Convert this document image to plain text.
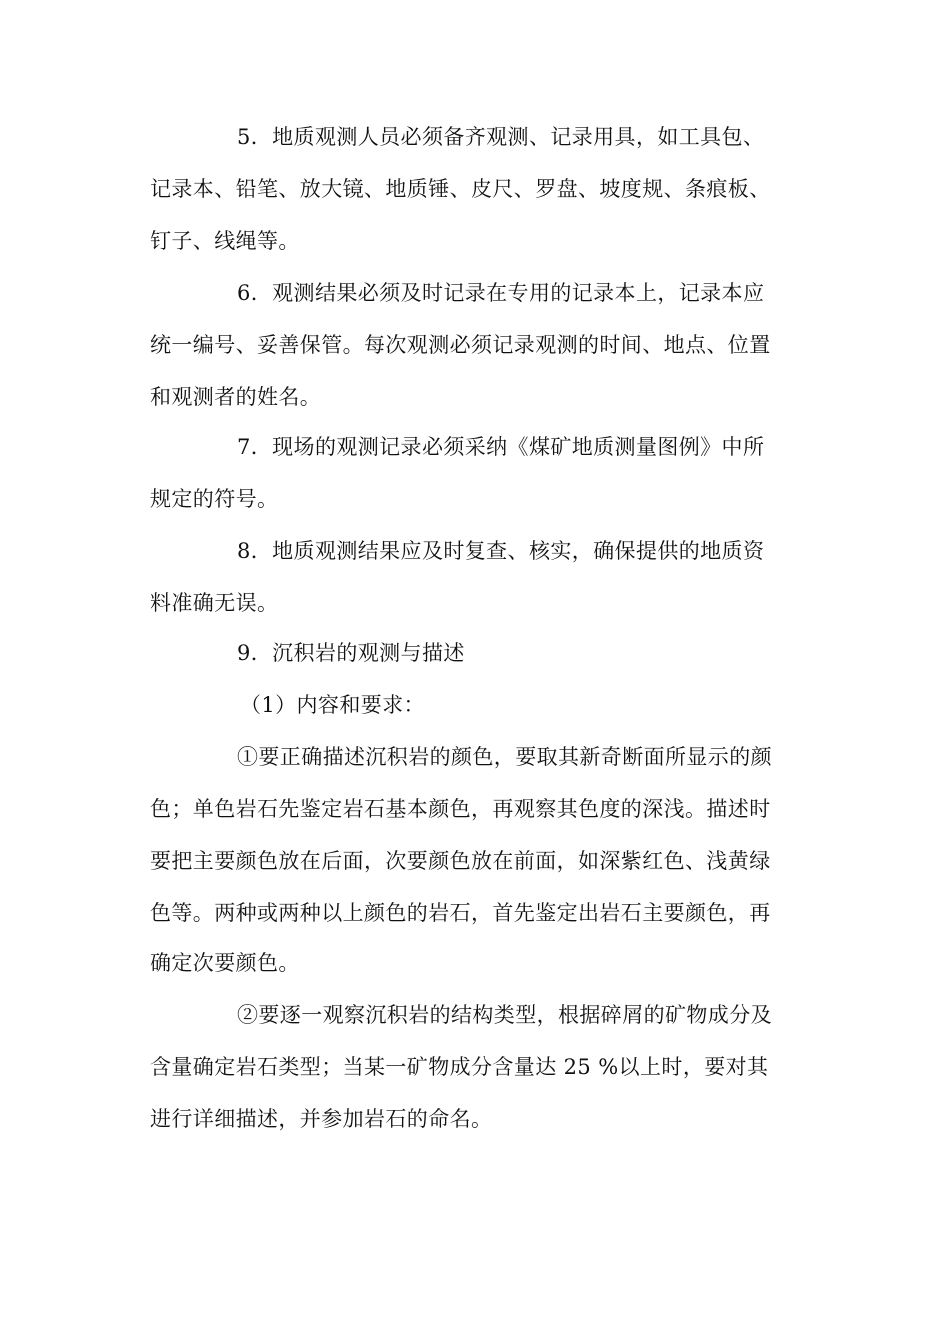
5．地质观测人员必须备齐观测、记录用具，如工具包、
记录本、铅笔、放大镜、地质锤、皮尺、罗盘、坡度规、条痕板、
钉子、线绳等。
6．观测结果必须及时记录在专用的记录本上，记录本应
统一编号、妥善保管。每次观测必须记录观测的时间、地点、位置
和观测者的姓名。
7．现场的观测记录必须采纳《煤矿地质测量图例》中所
规定的符号。
8．地质观测结果应及时复查、核实，确保提供的地质资
料准确无误。
9．沉积岩的观测与描述
（1）内容和要求：
①要正确描述沉积岩的颜色，要取其新奇断面所显示的颜
色；单色岩石先鉴定岩石基本颜色，再观察其色度的深浅。描述时
要把主要颜色放在后面，次要颜色放在前面，如深紫红色、浅黄绿
色等。两种或两种以上颜色的岩石，首先鉴定出岩石主要颜色，再
确定次要颜色。
②要逐一观察沉积岩的结构类型，根据碎屑的矿物成分及
含量确定岩石类型；当某一矿物成分含量达 25 %以上时，要对其
进行详细描述，并参加岩石的命名。
